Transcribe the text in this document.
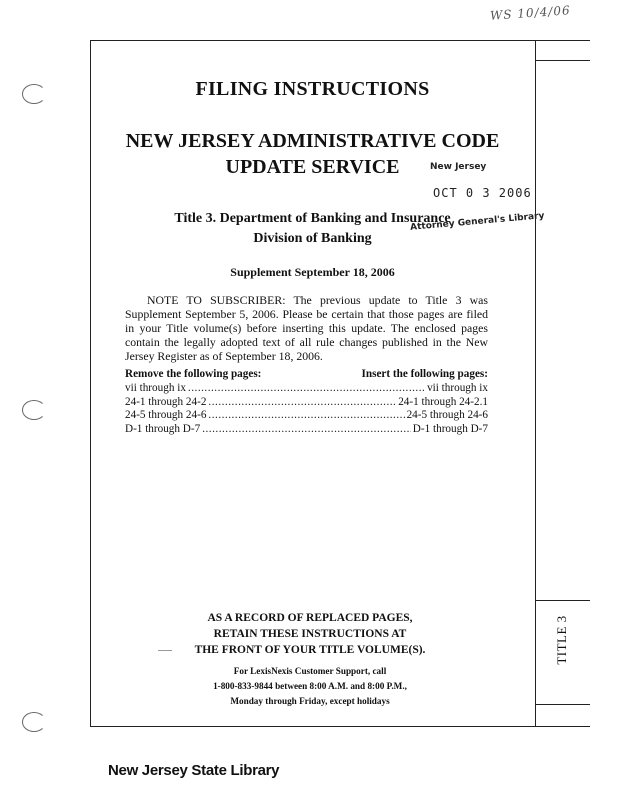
WS 10/4/06
FILING INSTRUCTIONS
NEW JERSEY ADMINISTRATIVE CODE
UPDATE SERVICE	New Jersey
OCT 0 3 2006
Title 3. Department of Banking and Insurance
Division of Banking
Attorney General's Library
Supplement September 18, 2006
NOTE TO SUBSCRIBER: The previous update to Title 3 was Supplement September 5, 2006. Please be certain that those pages are filed in your Title volume(s) before inserting this update. The enclosed pages contain the legally adopted text of all rule changes published in the New Jersey Register as of September 18, 2006.
Remove the following pages:	Insert the following pages:
vii through ix .....	vii through ix
24-1 through 24-2 .....	24-1 through 24-2.1
24-5 through 24-6 .....	24-5 through 24-6
D-1 through D-7 .....	D-1 through D-7
AS A RECORD OF REPLACED PAGES,
RETAIN THESE INSTRUCTIONS AT
THE FRONT OF YOUR TITLE VOLUME(S).
For LexisNexis Customer Support, call
1-800-833-9844 between 8:00 A.M. and 8:00 P.M.,
Monday through Friday, except holidays
TITLE 3
New Jersey State Library
